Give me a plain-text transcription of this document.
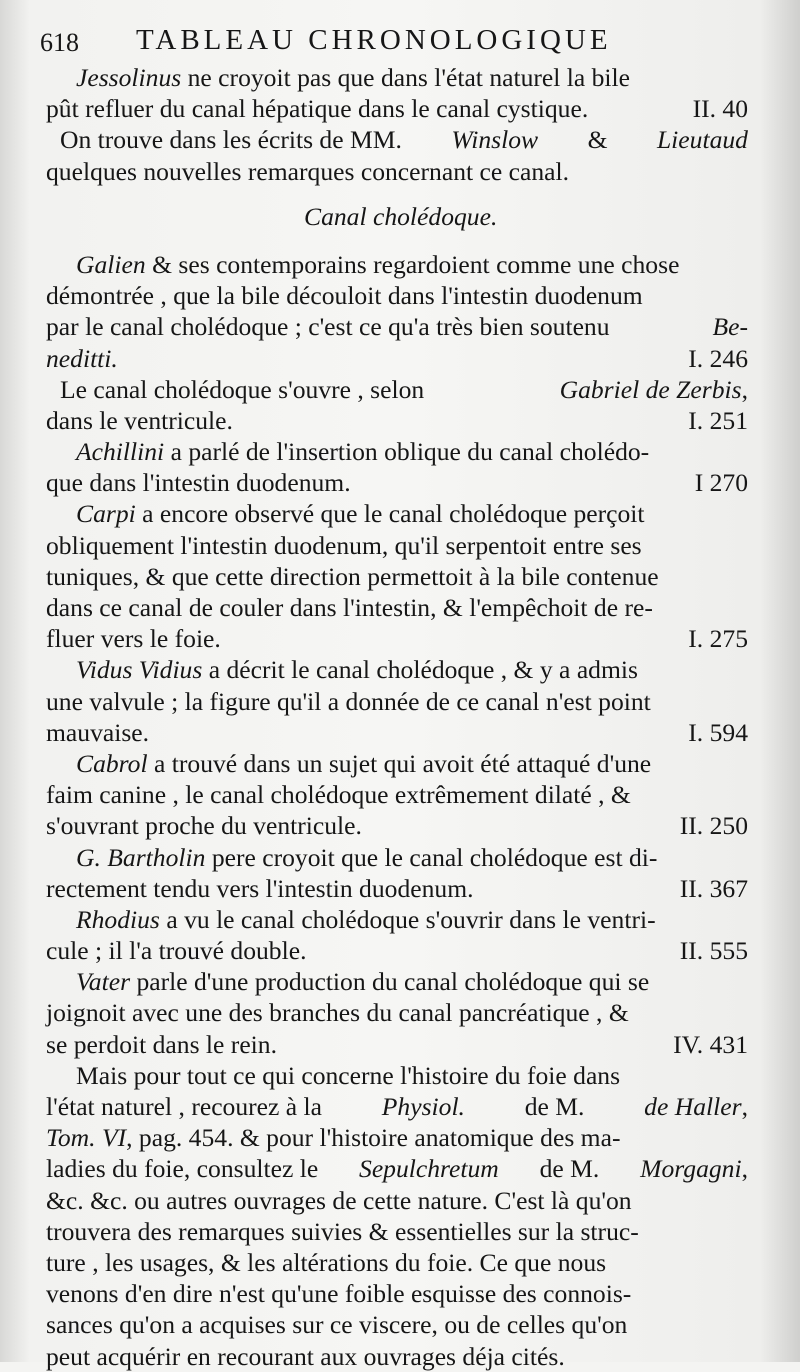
618 TABLEAU CHRONOLOGIQUE
Jessolinus ne croyoit pas que dans l'état naturel la bile
pût refluer du canal hépatique dans le canal cystique.	II. 40
On trouve dans les écrits de MM. Winslow & Lieutaud
quelques nouvelles remarques concernant ce canal.
Canal cholédoque.
Galien & ses contemporains regardoient comme une chose
démontrée , que la bile découloit dans l'intestin duodenum
par le canal cholédoque ; c'est ce qu'a très bien soutenu	Be-
neditti.	I. 246
Le canal cholédoque s'ouvre , selon	Gabriel de Zerbis,
dans le ventricule.	I. 251
Achillini a parlé de l'insertion oblique du canal cholédo-
que dans l'intestin duodenum.	I 270
Carpi a encore observé que le canal cholédoque perçoit
obliquement l'intestin duodenum, qu'il serpentoit entre ses
tuniques, & que cette direction permettoit à la bile contenue
dans ce canal de couler dans l'intestin, & l'empêchoit de re-
fluer vers le foie.	I. 275
Vidus Vidius a décrit le canal cholédoque , & y a admis
une valvule ; la figure qu'il a donnée de ce canal n'est point
mauvaise.	I. 594
Cabrol a trouvé dans un sujet qui avoit été attaqué d'une
faim canine , le canal cholédoque extrêmement dilaté , &
s'ouvrant proche du ventricule.	II. 250
G. Bartholin pere croyoit que le canal cholédoque est di-
rectement tendu vers l'intestin duodenum.	II. 367
Rhodius a vu le canal cholédoque s'ouvrir dans le ventri-
cule ; il l'a trouvé double.	II. 555
Vater parle d'une production du canal cholédoque qui se
joignoit avec une des branches du canal pancréatique , &
se perdoit dans le rein.	IV. 431
Mais pour tout ce qui concerne l'histoire du foie dans
l'état naturel , recourez à la Physiol. de M. de Haller,
Tom. VI, pag. 454. & pour l'histoire anatomique des ma-
ladies du foie, consultez le Sepulchretum de M. Morgagni,
&c. &c. ou autres ouvrages de cette nature. C'est là qu'on
trouvera des remarques suivies & essentielles sur la struc-
ture , les usages, & les altérations du foie. Ce que nous
venons d'en dire n'est qu'une foible esquisse des connois-
sances qu'on a acquises sur ce viscere, ou de celles qu'on
peut acquérir en recourant aux ouvrages déja cités.
